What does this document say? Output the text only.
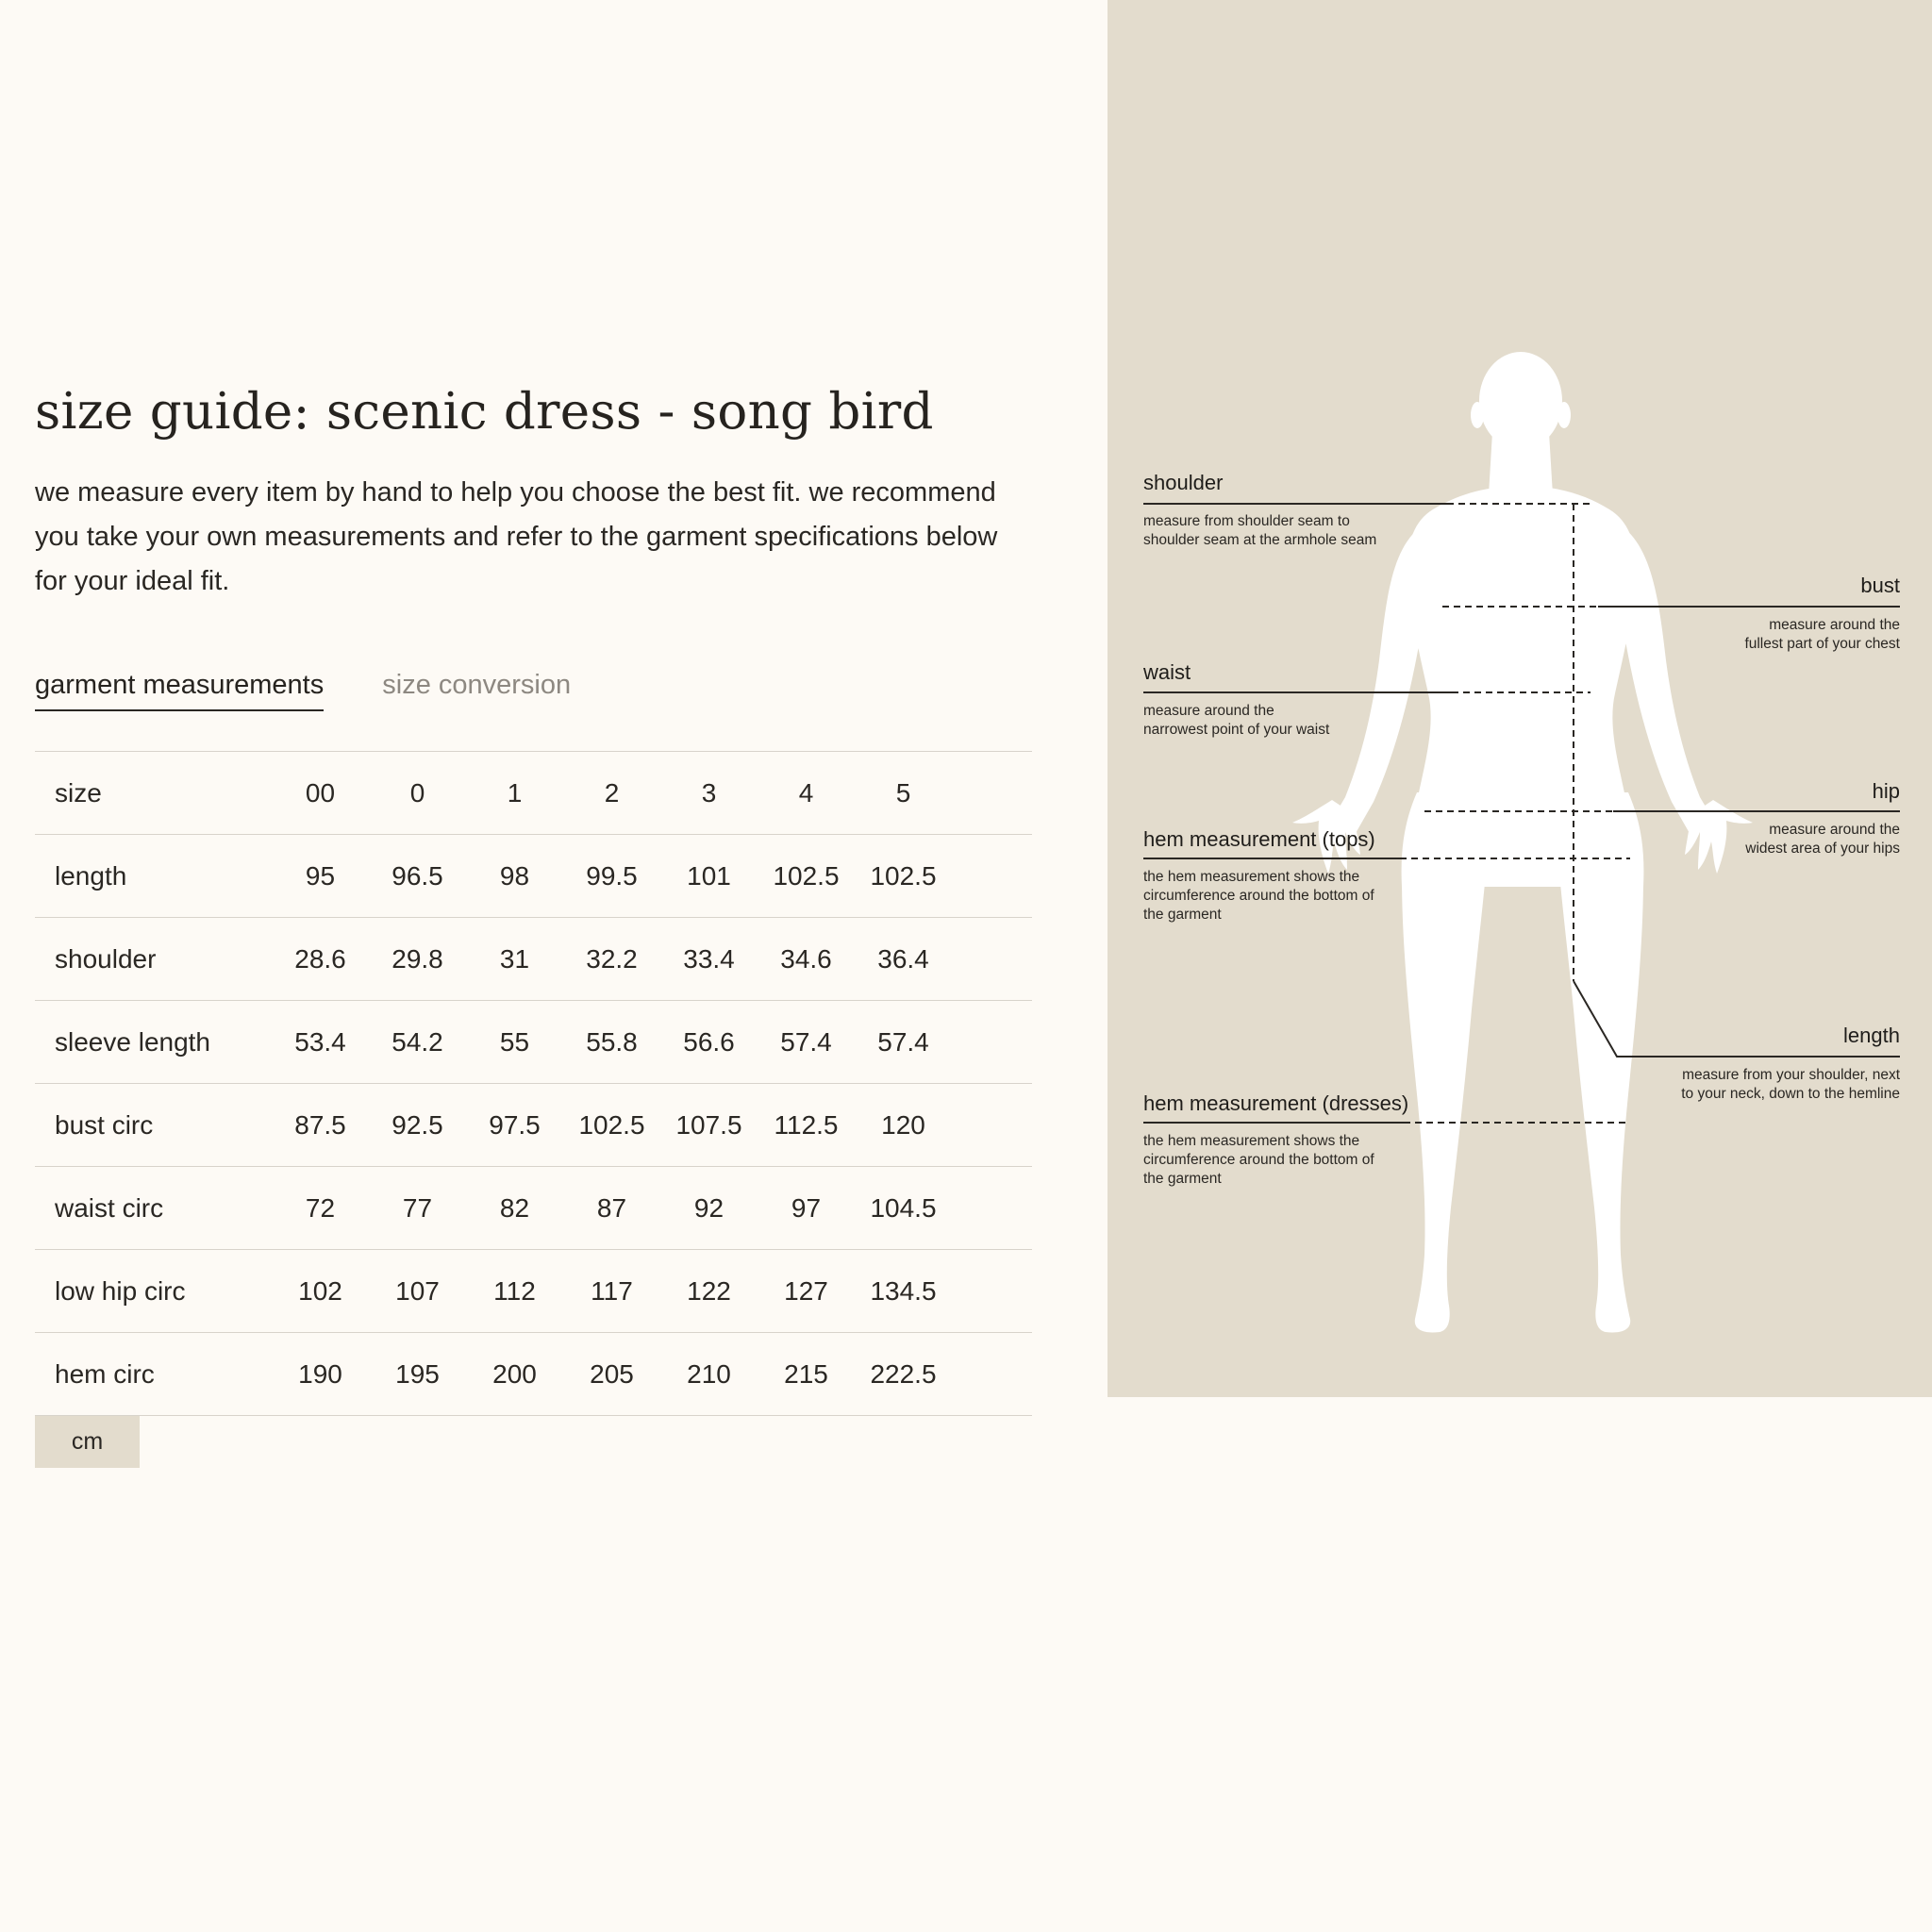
size guide: scenic dress - song bird

we measure every item by hand to help you choose the best fit. we recommend you take your own measurements and refer to the garment specifications below for your ideal fit.

garment measurements size conversion
size	00	0	1	2	3	4	5	
length	95	96.5	98	99.5	101	102.5	102.5	
shoulder	28.6	29.8	31	32.2	33.4	34.6	36.4	
sleeve length	53.4	54.2	55	55.8	56.6	57.4	57.4	
bust circ	87.5	92.5	97.5	102.5	107.5	112.5	120	
waist circ	72	77	82	87	92	97	104.5	
low hip circ	102	107	112	117	122	127	134.5	
hem circ	190	195	200	205	210	215	222.5	
cm
shoulder
measure from shoulder seam to
shoulder seam at the armhole seam
bust
measure around the
fullest part of your chest
waist
measure around the
narrowest point of your waist
hip
measure around the
widest area of your hips
hem measurement (tops)
the hem measurement shows the
circumference around the bottom of
the garment
length
measure from your shoulder, next
to your neck, down to the hemline
hem measurement (dresses)
the hem measurement shows the
circumference around the bottom of
the garment
